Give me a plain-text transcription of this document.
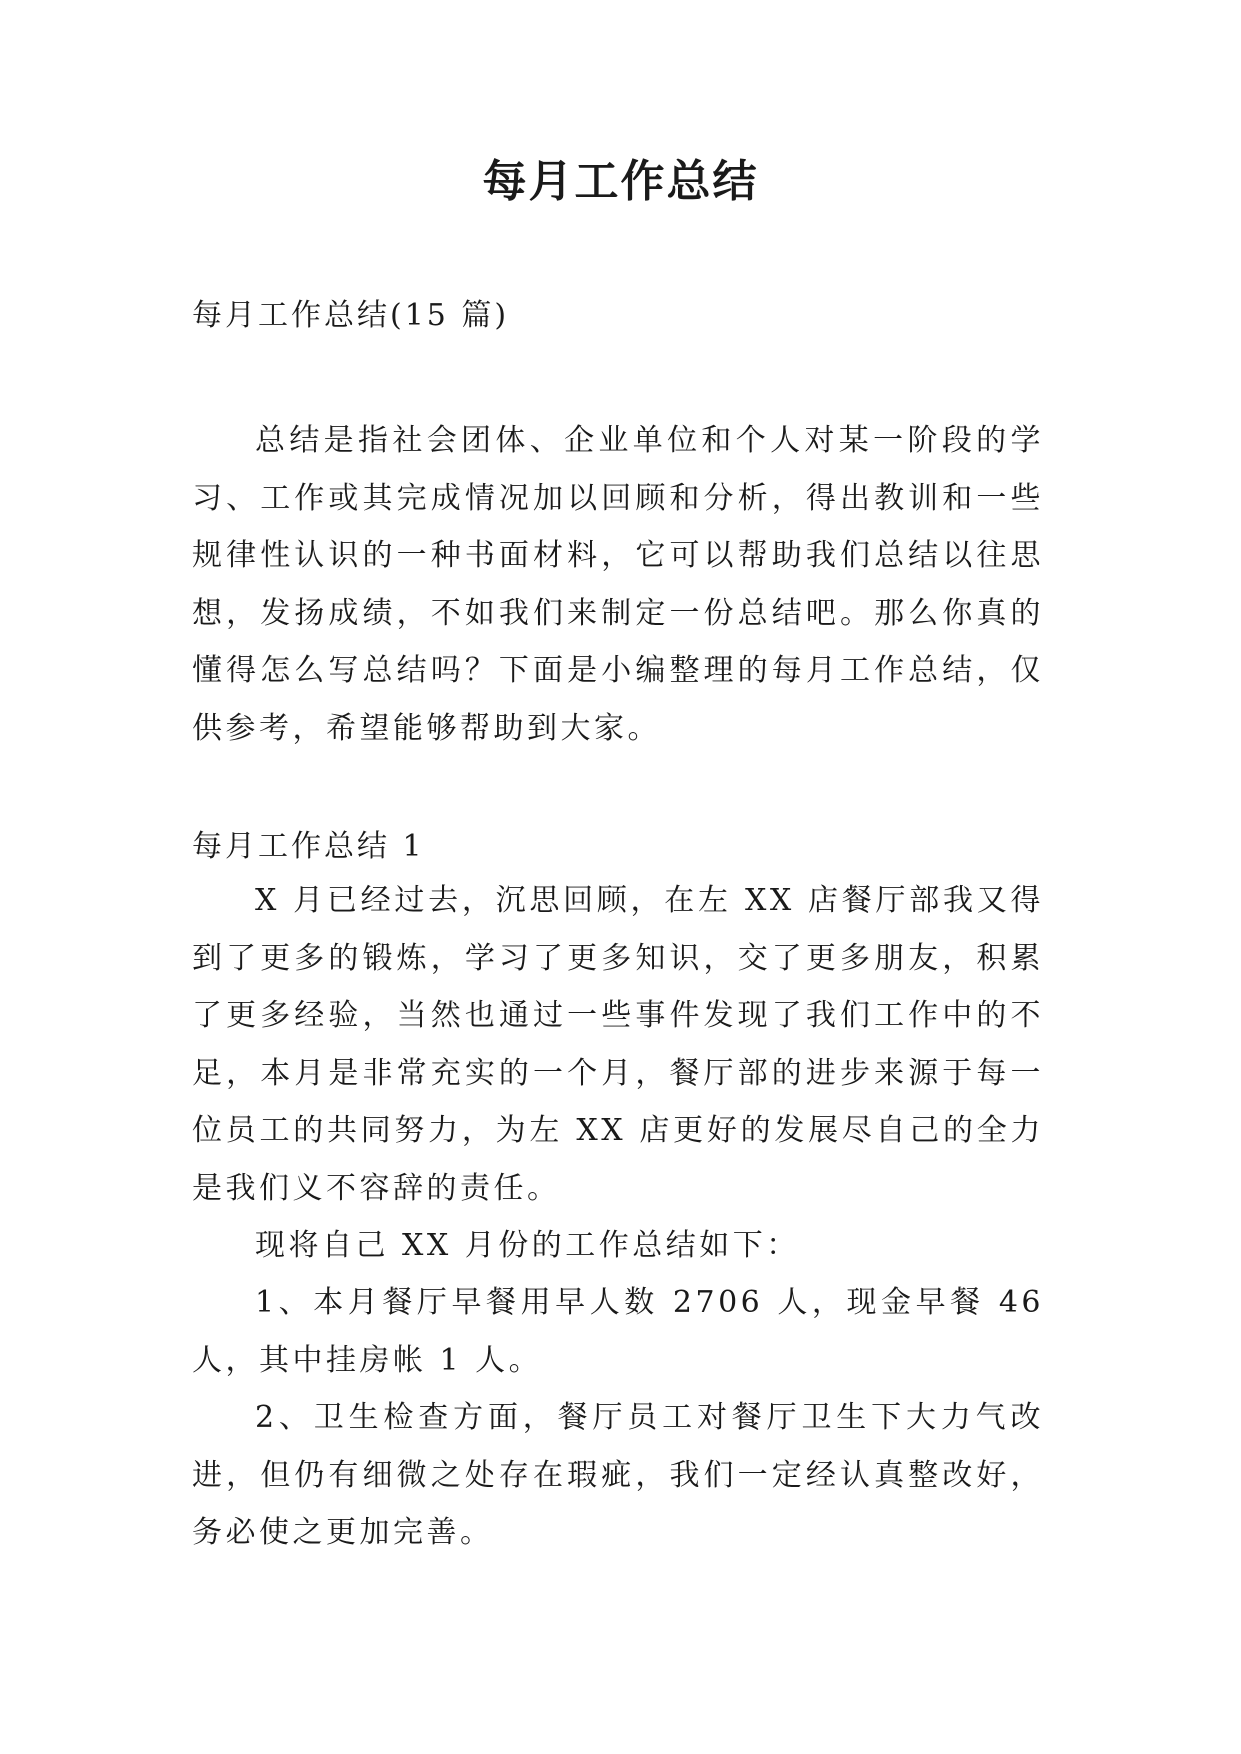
每月工作总结

每月工作总结(15 篇)

总结是指社会团体、企业单位和个人对某一阶段的学习、工作或其完成情况加以回顾和分析，得出教训和一些规律性认识的一种书面材料，它可以帮助我们总结以往思想，发扬成绩，不如我们来制定一份总结吧。那么你真的懂得怎么写总结吗？下面是小编整理的每月工作总结，仅供参考，希望能够帮助到大家。

每月工作总结 1

X 月已经过去，沉思回顾，在左 XX 店餐厅部我又得到了更多的锻炼，学习了更多知识，交了更多朋友，积累了更多经验，当然也通过一些事件发现了我们工作中的不足，本月是非常充实的一个月，餐厅部的进步来源于每一位员工的共同努力，为左 XX 店更好的发展尽自己的全力是我们义不容辞的责任。

现将自己 XX 月份的工作总结如下：

1、本月餐厅早餐用早人数 2706 人，现金早餐 46 人，其中挂房帐 1 人。

2、卫生检查方面，餐厅员工对餐厅卫生下大力气改进，但仍有细微之处存在瑕疵，我们一定经认真整改好，务必使之更加完善。
